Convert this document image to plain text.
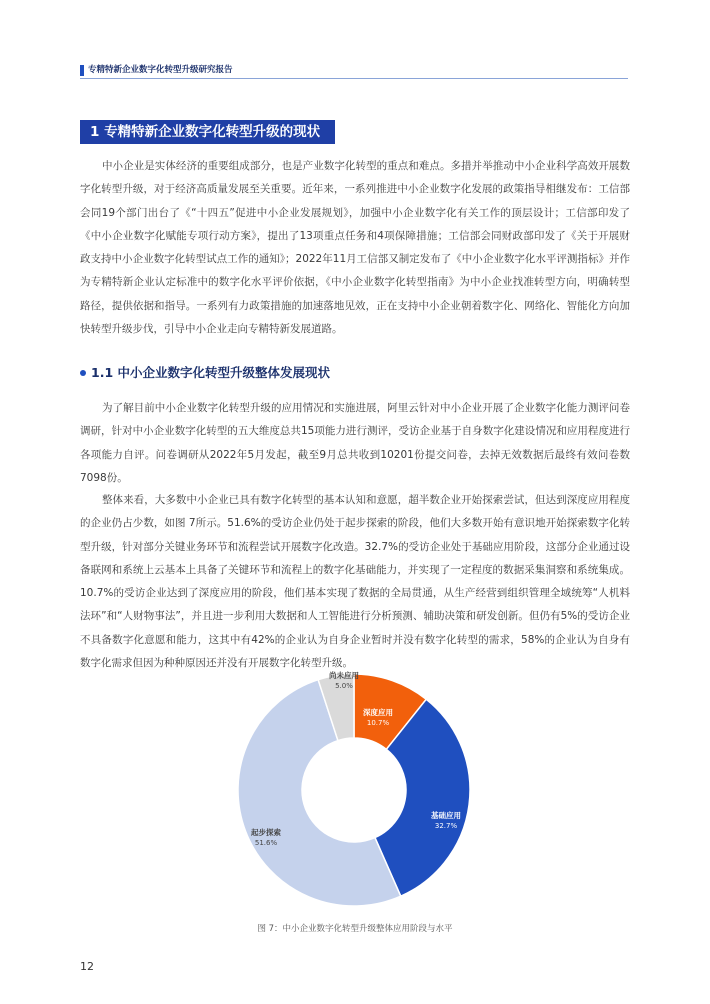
专精特新企业数字化转型升级研究报告
1 专精特新企业数字化转型升级的现状

中小企业是实体经济的重要组成部分，也是产业数字化转型的重点和难点。多措并举推动中小企业科学高效开展数字化转型升级，对于经济高质量发展至关重要。近年来，一系列推进中小企业数字化发展的政策指导相继发布：工信部会同19个部门出台了《“十四五”促进中小企业发展规划》，加强中小企业数字化有关工作的顶层设计；工信部印发了《中小企业数字化赋能专项行动方案》，提出了13项重点任务和4项保障措施；工信部会同财政部印发了《关于开展财政支持中小企业数字化转型试点工作的通知》；2022年11月工信部又制定发布了《中小企业数字化水平评测指标》并作为专精特新企业认定标准中的数字化水平评价依据，《中小企业数字化转型指南》为中小企业找准转型方向，明确转型路径，提供依据和指导。一系列有力政策措施的加速落地见效，正在支持中小企业朝着数字化、网络化、智能化方向加快转型升级步伐，引导中小企业走向专精特新发展道路。

1.1 中小企业数字化转型升级整体发展现状

为了解目前中小企业数字化转型升级的应用情况和实施进展，阿里云针对中小企业开展了企业数字化能力测评问卷调研，针对中小企业数字化转型的五大维度总共15项能力进行测评，受访企业基于自身数字化建设情况和应用程度进行各项能力自评。问卷调研从2022年5月发起，截至9月总共收到10201份提交问卷，去掉无效数据后最终有效问卷数7098份。

整体来看，大多数中小企业已具有数字化转型的基本认知和意愿，超半数企业开始探索尝试，但达到深度应用程度的企业仍占少数，如图 7所示。51.6%的受访企业仍处于起步探索的阶段，他们大多数开始有意识地开始探索数字化转型升级，针对部分关键业务环节和流程尝试开展数字化改造。32.7%的受访企业处于基础应用阶段，这部分企业通过设备联网和系统上云基本上具备了关键环节和流程上的数字化基础能力，并实现了一定程度的数据采集洞察和系统集成。10.7%的受访企业达到了深度应用的阶段，他们基本实现了数据的全局贯通，从生产经营到组织管理全域统筹“人机料法环”和“人财物事法”，并且进一步利用大数据和人工智能进行分析预测、辅助决策和研发创新。但仍有5%的受访企业不具备数字化意愿和能力，这其中有42%的企业认为自身企业暂时并没有数字化转型的需求，58%的企业认为自身有数字化需求但因为种种原因还并没有开展数字化转型升级。

深度应用
10.7%
基础应用
32.7%
起步探索
51.6%
尚未应用
5.0%
图 7：中小企业数字化转型升级整体应用阶段与水平
12
